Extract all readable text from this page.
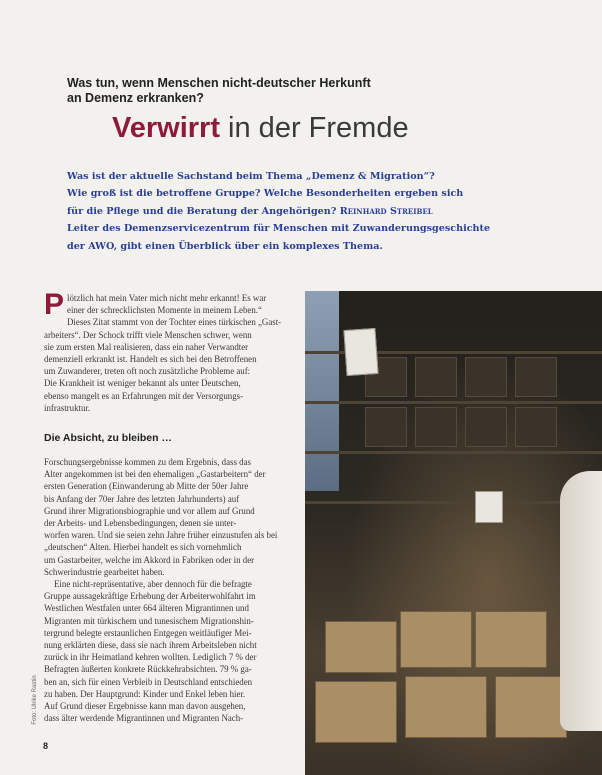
Was tun, wenn Menschen nicht-deutscher Herkunft
an Demenz erkranken?
Verwirrt in der Fremde

Was ist der aktuelle Sachstand beim Thema „Demenz & Migration“?

Wie groß ist die betroffene Gruppe? Welche Besonderheiten ergeben sich

für die Pflege und die Beratung der Angehörigen? Reinhard Streibel

Leiter des Demenzservicezentrum für Menschen mit Zuwanderungsgeschichte

der AWO, gibt einen Überblick über ein komplexes Thema.

P lötzlich hat mein Vater mich nicht mehr erkannt! Es war
einer der schrecklichsten Momente in meinem Leben.“
Dieses Zitat stammt von der Tochter eines türkischen „Gast-
arbeiters“. Der Schock trifft viele Menschen schwer, wenn
sie zum ersten Mal realisieren, dass ein naher Verwandter
demenziell erkrankt ist. Handelt es sich bei den Betroffenen
um Zuwanderer, treten oft noch zusätzliche Probleme auf:
Die Krankheit ist weniger bekannt als unter Deutschen,
ebenso mangelt es an Erfahrungen mit der Versorgungs-
infrastruktur.
Die Absicht, zu bleiben …
Forschungsergebnisse kommen zu dem Ergebnis, dass das
Alter angekommen ist bei den ehemaligen „Gastarbeitern“ der
ersten Generation (Einwanderung ab Mitte der 50er Jahre
bis Anfang der 70er Jahre des letzten Jahrhunderts) auf
Grund ihrer Migrationsbiographie und vor allem auf Grund
der Arbeits- und Lebensbedingungen, denen sie unter-
worfen waren. Und sie seien zehn Jahre früher einzustufen als bei
„deutschen“ Alten. Hierbei handelt es sich vornehmlich
um Gastarbeiter, welche im Akkord in Fabriken oder in der
Schwerindustrie gearbeitet haben.
Eine nicht-repräsentative, aber dennoch für die befragte
Gruppe aussagekräftige Erhebung der Arbeiterwohlfahrt im
Westlichen Westfalen unter 664 älteren Migrantinnen und
Migranten mit türkischem und tunesischem Migrationshin-
tergrund belegte erstaunlichen Entgegen weitläufiger Mei-
nung erklärten diese, dass sie nach ihrem Arbeitsleben nicht
zurück in ihr Heimatland kehren wollten. Lediglich 7 % der
Befragten äußerten konkrete Rückkehrabsichten. 79 % ga-
ben an, sich für einen Verbleib in Deutschland entschieden
zu haben. Der Hauptgrund: Kinder und Enkel leben hier.
Auf Grund dieser Ergebnisse kann man davon ausgehen,
dass älter werdende Migrantinnen und Migranten Nach-
Foto: Ulrike Rastin
8
